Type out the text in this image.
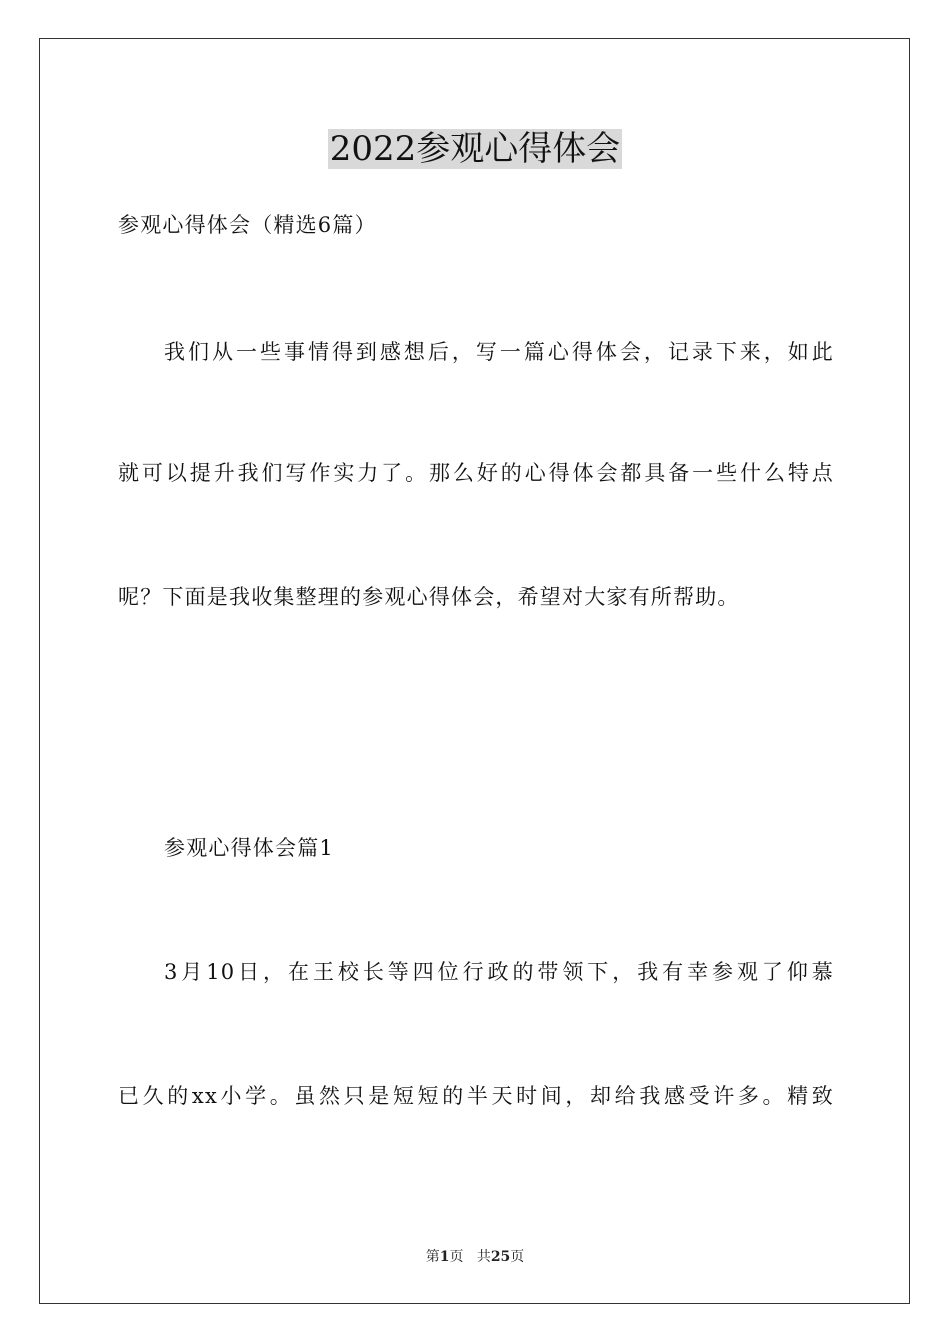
2022参观心得体会
参观心得体会（精选6篇）
我们从一些事情得到感想后，写一篇心得体会，记录下来，如此
就可以提升我们写作实力了。那么好的心得体会都具备一些什么特点
呢？下面是我收集整理的参观心得体会，希望对大家有所帮助。
参观心得体会篇1
3月10日，在王校长等四位行政的带领下，我有幸参观了仰慕
已久的xx小学。虽然只是短短的半天时间，却给我感受许多。精致
第1页 共25页
